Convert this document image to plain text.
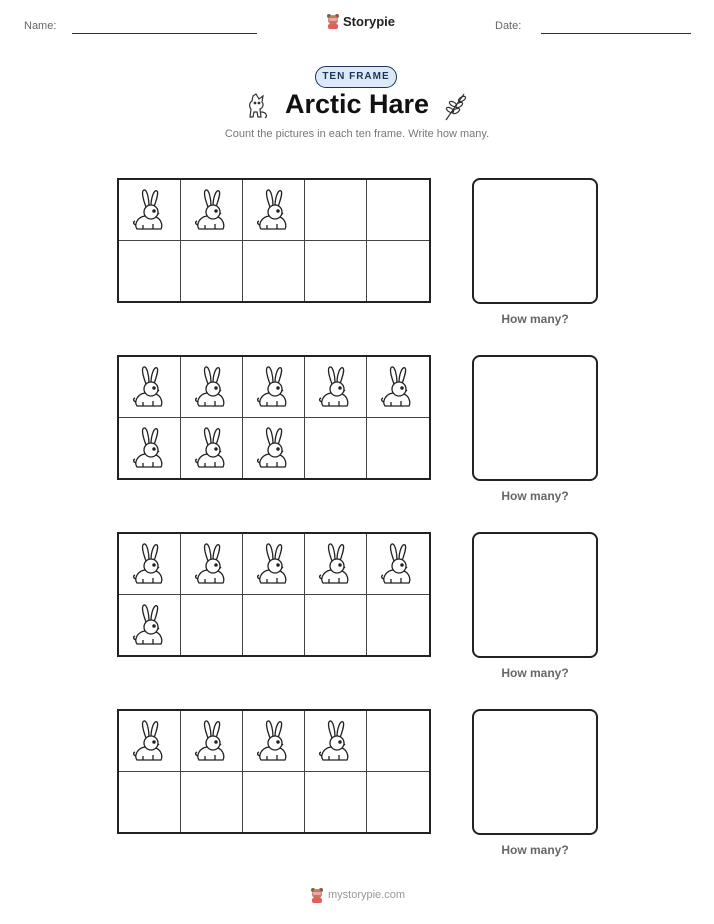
Name:	Storypie	Date:
TEN FRAME
Arctic Hare
Count the pictures in each ten frame. Write how many.
How many?
How many?
How many?
How many?
mystorypie.com
